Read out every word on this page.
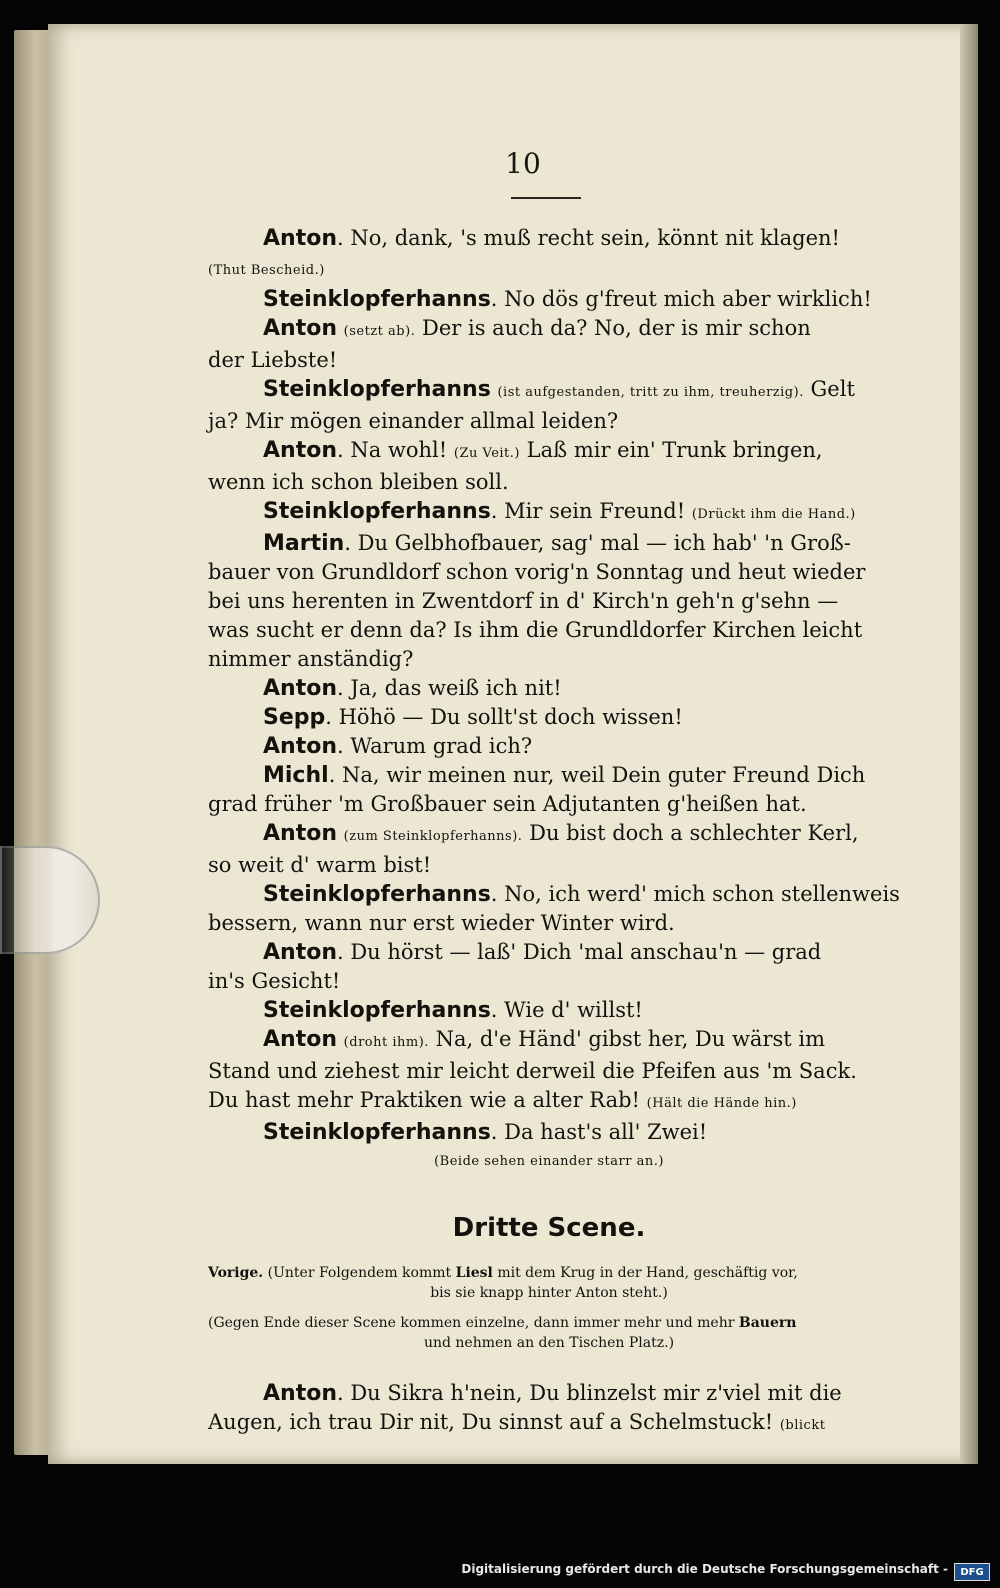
10
Anton. No, dank, 's muß recht sein, könnt nit klagen!
(Thut Bescheid.)
Steinklopferhanns. No dös g'freut mich aber wirklich!
Anton (setzt ab). Der is auch da? No, der is mir schon
der Liebste!
Steinklopferhanns (ist aufgestanden, tritt zu ihm, treuherzig). Gelt
ja? Mir mögen einander allmal leiden?
Anton. Na wohl! (Zu Veit.) Laß mir ein' Trunk bringen,
wenn ich schon bleiben soll.
Steinklopferhanns. Mir sein Freund! (Drückt ihm die Hand.)
Martin. Du Gelbhofbauer, sag' mal — ich hab' 'n Groß-
bauer von Grundldorf schon vorig'n Sonntag und heut wieder
bei uns herenten in Zwentdorf in d' Kirch'n geh'n g'sehn —
was sucht er denn da? Is ihm die Grundldorfer Kirchen leicht
nimmer anständig?
Anton. Ja, das weiß ich nit!
Sepp. Höhö — Du sollt'st doch wissen!
Anton. Warum grad ich?
Michl. Na, wir meinen nur, weil Dein guter Freund Dich
grad früher 'm Großbauer sein Adjutanten g'heißen hat.
Anton (zum Steinklopferhanns). Du bist doch a schlechter Kerl,
so weit d' warm bist!
Steinklopferhanns. No, ich werd' mich schon stellenweis
bessern, wann nur erst wieder Winter wird.
Anton. Du hörst — laß' Dich 'mal anschau'n — grad
in's Gesicht!
Steinklopferhanns. Wie d' willst!
Anton (droht ihm). Na, d'e Händ' gibst her, Du wärst im
Stand und ziehest mir leicht derweil die Pfeifen aus 'm Sack.
Du hast mehr Praktiken wie a alter Rab! (Hält die Hände hin.)
Steinklopferhanns. Da hast's all' Zwei!
(Beide sehen einander starr an.)
Dritte Scene.
Vorige. (Unter Folgendem kommt Liesl mit dem Krug in der Hand, geschäftig vor,
bis sie knapp hinter Anton steht.)
(Gegen Ende dieser Scene kommen einzelne, dann immer mehr und mehr Bauern
und nehmen an den Tischen Platz.)
Anton. Du Sikra h'nein, Du blinzelst mir z'viel mit die
Augen, ich trau Dir nit, Du sinnst auf a Schelmstuck! (blickt
Digitalisierung gefördert durch die Deutsche Forschungsgemeinschaft -	DFG
